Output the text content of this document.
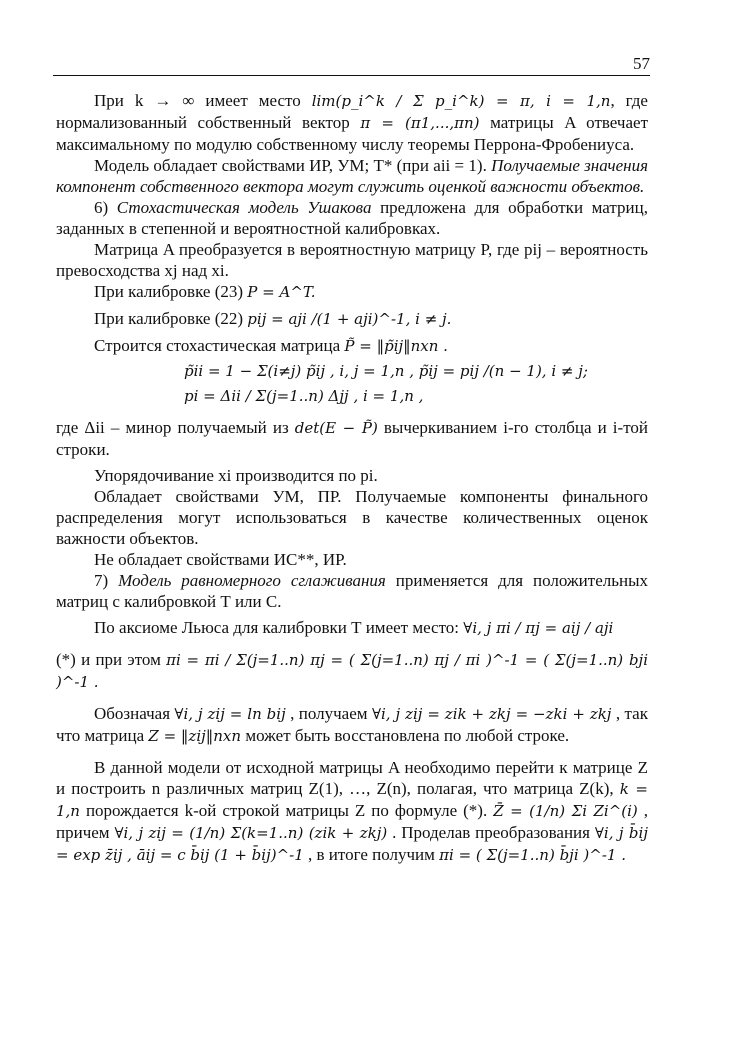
57

При k → ∞ имеет место lim(p_i^k / Σ p_i^k) = π, i = 1,n, где нормализованный собственный вектор π = (π1,...,πn) матрицы A отвечает максимальному по модулю собственному числу теоремы Перрона-Фробениуса.

Модель обладает свойствами ИР, УМ; Т* (при aii = 1). Получаемые значения компонент собственного вектора могут служить оценкой важности объектов.

6) Стохастическая модель Ушакова предложена для обработки матриц, заданных в степенной и вероятностной калибровках.

Матрица A преобразуется в вероятностную матрицу P, где pij – вероятность превосходства xj над xi.

При калибровке (23) P = A^T.

При калибровке (22) pij = aji /(1 + aji)^-1, i ≠ j.

Строится стохастическая матрица P̃ = ‖p̃ij‖nxn .

p̃ii = 1 − Σ(i≠j) p̃ij , i, j = 1,n , p̃ij = pij /(n − 1), i ≠ j;

pi = Δii / Σ(j=1..n) Δjj , i = 1,n ,

где Δii – минор получаемый из det(E − P̃) вычеркиванием i-го столбца и i-той строки.

Упорядочивание xi производится по pi.

Обладает свойствами УМ, ПР. Получаемые компоненты финального распределения могут использоваться в качестве количественных оценок важности объектов.

Не обладает свойствами ИС**, ИР.

7) Модель равномерного сглаживания применяется для положительных матриц с калибровкой Т или С.

По аксиоме Льюса для калибровки Т имеет место: ∀i, j πi / πj = aij / aji

(*) и при этом πi = πi / Σ(j=1..n) πj = ( Σ(j=1..n) πj / πi )^-1 = ( Σ(j=1..n) bji )^-1 .

Обозначая ∀i, j zij = ln bij , получаем ∀i, j zij = zik + zkj = −zki + zkj , так что матрица Z = ‖zij‖nxn может быть восстановлена по любой строке.

В данной модели от исходной матрицы A необходимо перейти к матрице Z и построить n различных матриц Z(1), …, Z(n), полагая, что матрица Z(k), k = 1,n порождается k-ой строкой матрицы Z по формуле (*). Z̄ = (1/n) Σi Zi^(i) , причем ∀i, j zij = (1/n) Σ(k=1..n) (zik + zkj) . Проделав преобразования ∀i, j b̄ij = exp z̄ij , āij = c b̄ij (1 + b̄ij)^-1 , в итоге получим πi = ( Σ(j=1..n) b̄ji )^-1 .
